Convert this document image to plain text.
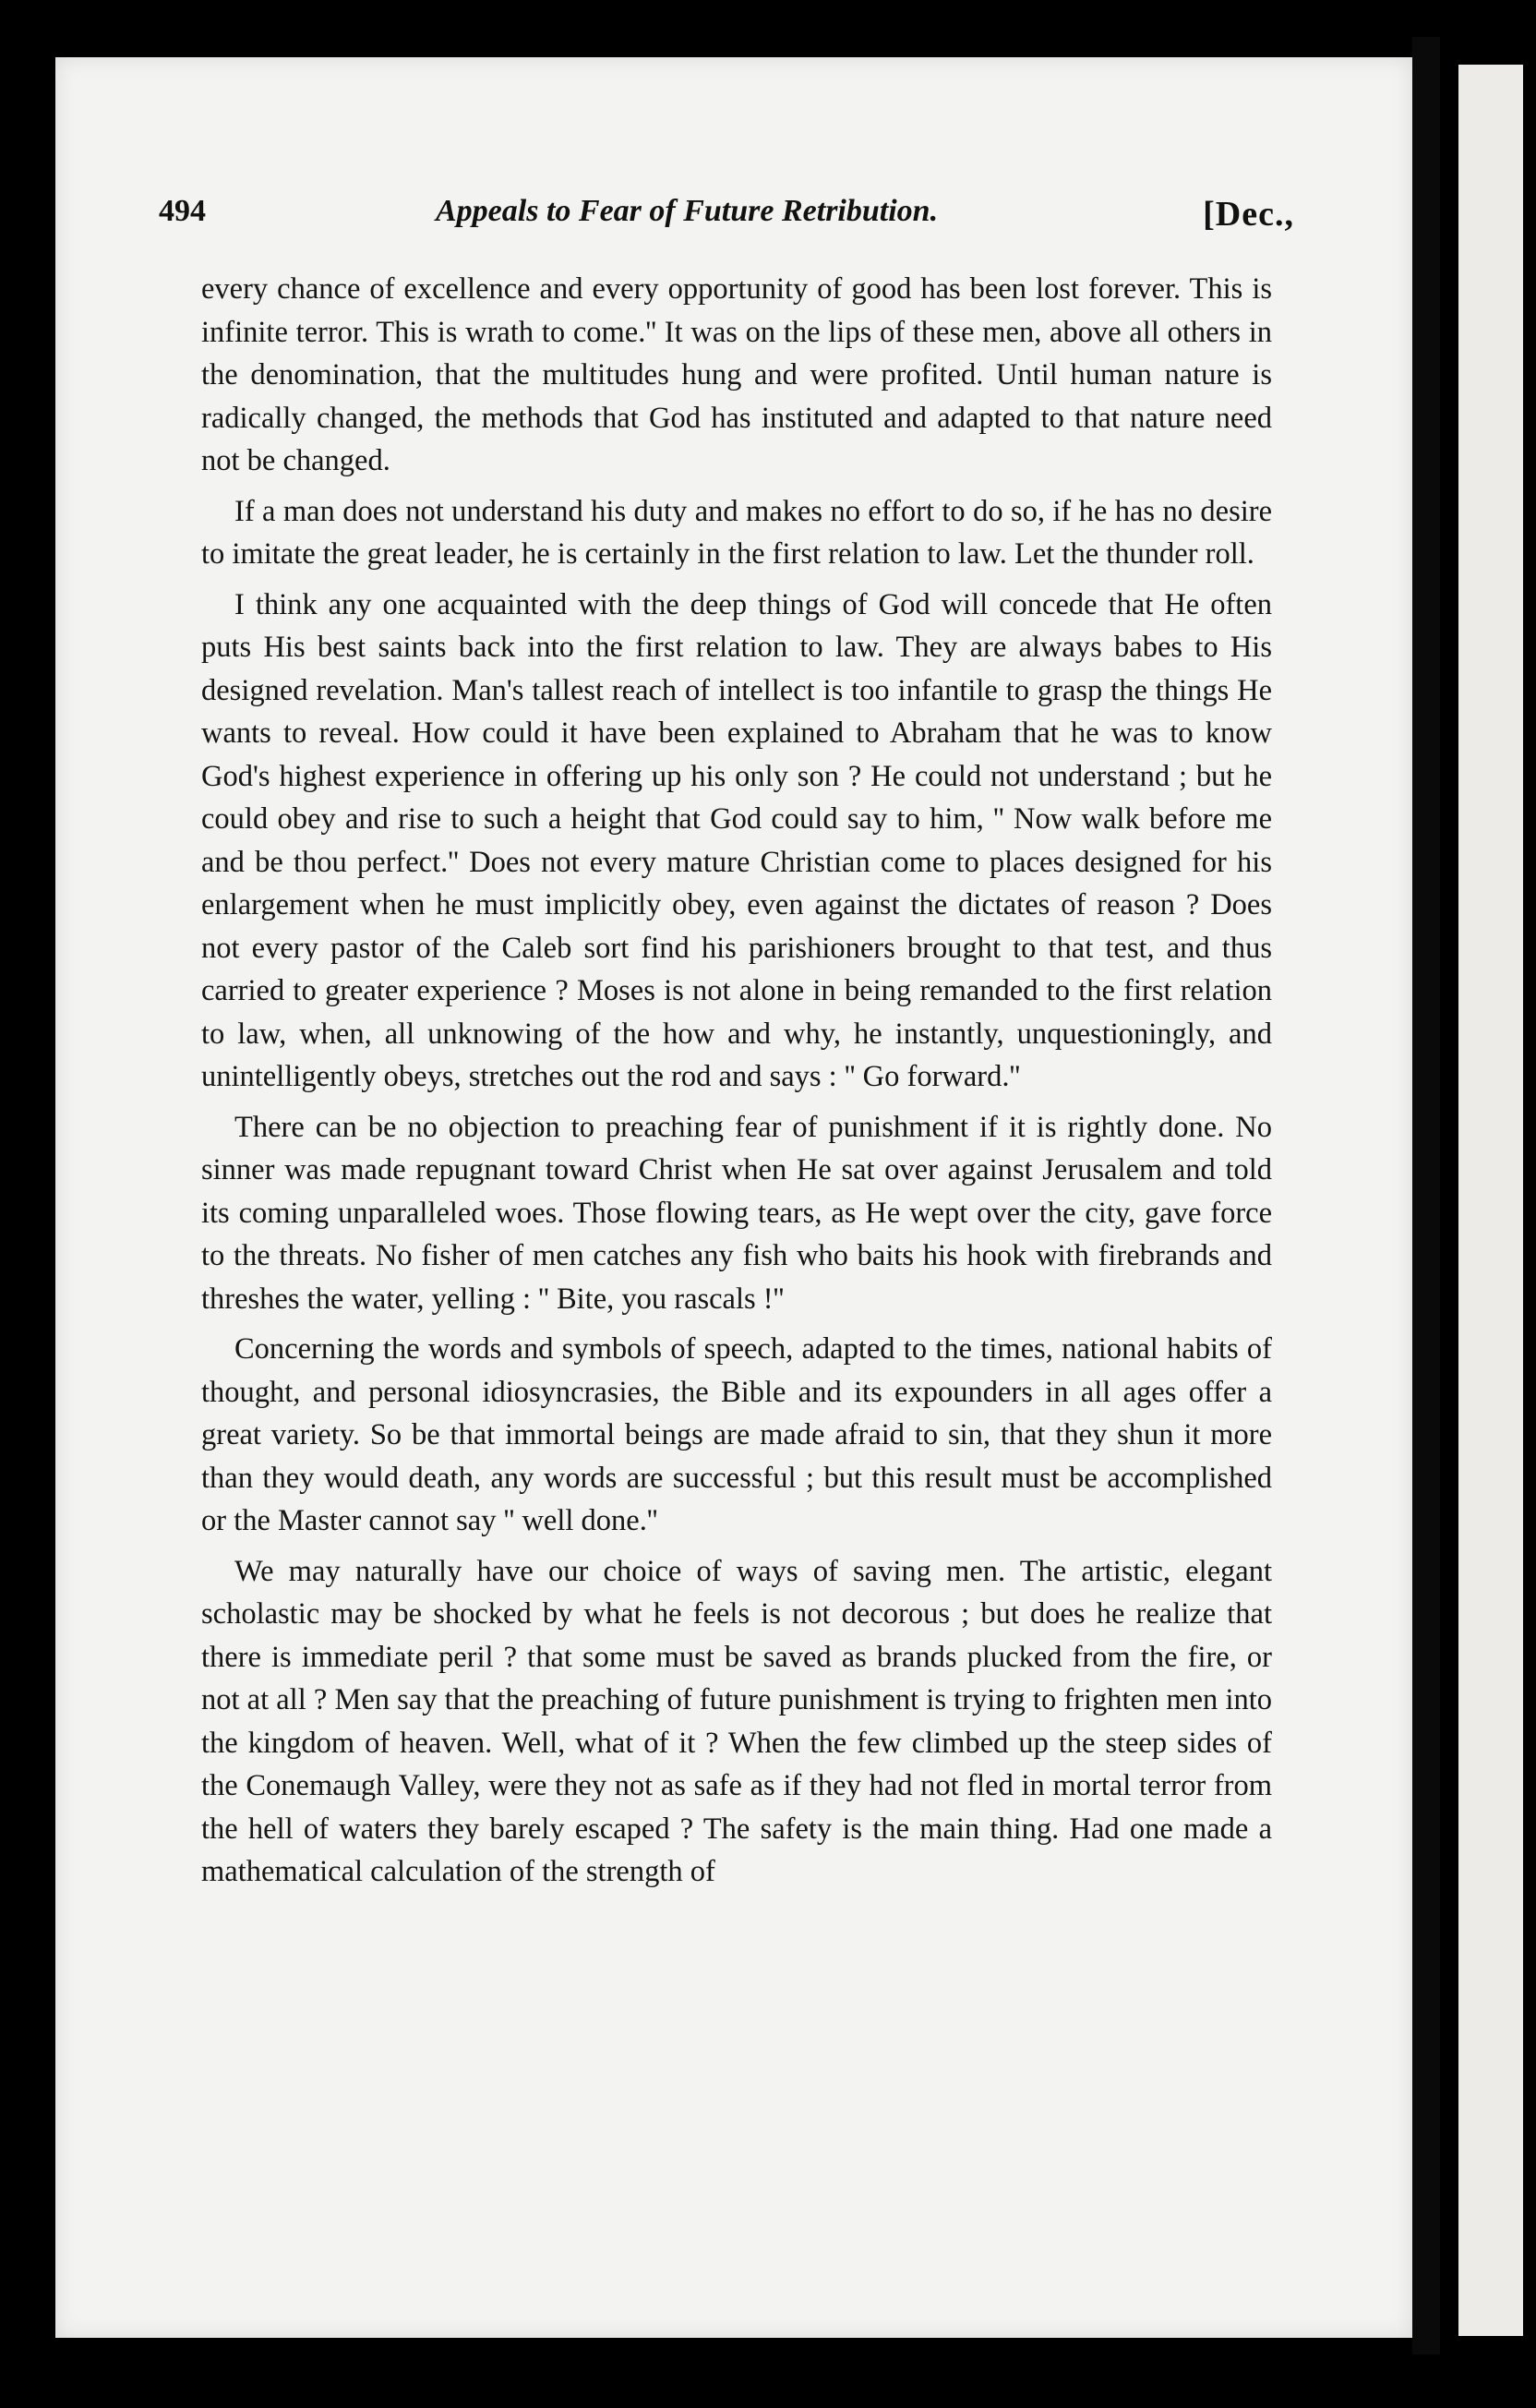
494	Appeals to Fear of Future Retribution.	[Dec.,

every chance of excellence and every opportunity of good has been lost forever. This is infinite terror. This is wrath to come.'' It was on the lips of these men, above all others in the denomination, that the multitudes hung and were profited. Until human nature is radically changed, the methods that God has instituted and adapted to that nature need not be changed.

If a man does not understand his duty and makes no effort to do so, if he has no desire to imitate the great leader, he is certainly in the first relation to law. Let the thunder roll.

I think any one acquainted with the deep things of God will concede that He often puts His best saints back into the first relation to law. They are always babes to His designed revelation. Man's tallest reach of intellect is too infantile to grasp the things He wants to reveal. How could it have been explained to Abraham that he was to know God's highest experience in offering up his only son ? He could not understand ; but he could obey and rise to such a height that God could say to him, '' Now walk before me and be thou perfect.'' Does not every mature Christian come to places designed for his enlargement when he must implicitly obey, even against the dictates of reason ? Does not every pastor of the Caleb sort find his parishioners brought to that test, and thus carried to greater experience ? Moses is not alone in being remanded to the first relation to law, when, all unknowing of the how and why, he instantly, unquestioningly, and unintelligently obeys, stretches out the rod and says : '' Go forward.''

There can be no objection to preaching fear of punishment if it is rightly done. No sinner was made repugnant toward Christ when He sat over against Jerusalem and told its coming unparalleled woes. Those flowing tears, as He wept over the city, gave force to the threats. No fisher of men catches any fish who baits his hook with firebrands and threshes the water, yelling : '' Bite, you rascals !''

Concerning the words and symbols of speech, adapted to the times, national habits of thought, and personal idiosyncrasies, the Bible and its expounders in all ages offer a great variety. So be that immortal beings are made afraid to sin, that they shun it more than they would death, any words are successful ; but this result must be accomplished or the Master cannot say '' well done.''

We may naturally have our choice of ways of saving men. The artistic, elegant scholastic may be shocked by what he feels is not decorous ; but does he realize that there is immediate peril ? that some must be saved as brands plucked from the fire, or not at all ? Men say that the preaching of future punishment is trying to frighten men into the kingdom of heaven. Well, what of it ? When the few climbed up the steep sides of the Conemaugh Valley, were they not as safe as if they had not fled in mortal terror from the hell of waters they barely escaped ? The safety is the main thing. Had one made a mathematical calculation of the strength of
